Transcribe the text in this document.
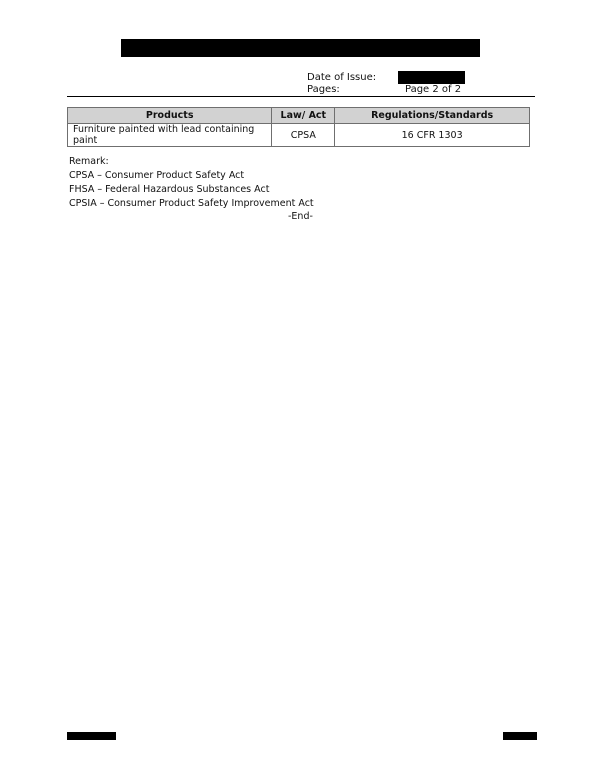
Date of Issue:
Pages:	Page 2 of 2
Products	Law/ Act	Regulations/Standards
Furniture painted with lead containing paint	CPSA	16 CFR 1303
Remark:
CPSA – Consumer Product Safety Act
FHSA – Federal Hazardous Substances Act
CPSIA – Consumer Product Safety Improvement Act
-End-
